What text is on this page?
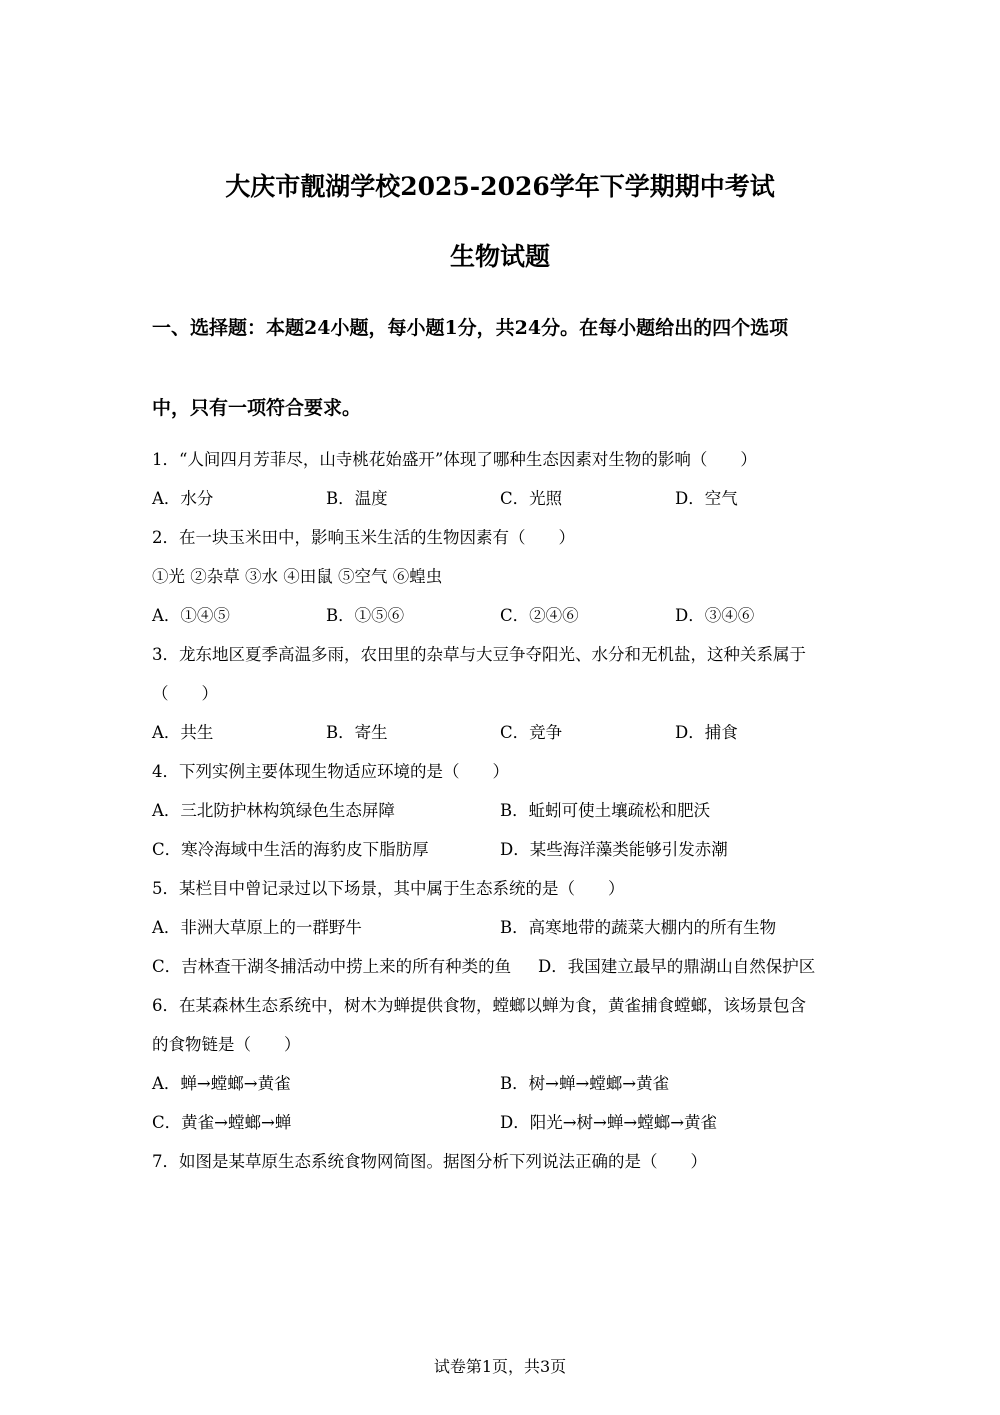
大庆市靓湖学校2025-2026学年下学期期中考试
生物试题
一、选择题：本题24小题，每小题1分，共24分。在每小题给出的四个选项
中，只有一项符合要求。
1．“人间四月芳菲尽，山寺桃花始盛开”体现了哪种生态因素对生物的影响（　　）
A．水分	B．温度	C．光照	D．空气
2．在一块玉米田中，影响玉米生活的生物因素有（　　）
①光 ②杂草 ③水 ④田鼠 ⑤空气 ⑥蝗虫
A．①④⑤	B．①⑤⑥	C．②④⑥	D．③④⑥
3．龙东地区夏季高温多雨，农田里的杂草与大豆争夺阳光、水分和无机盐，这种关系属于
（　　）
A．共生	B．寄生	C．竞争	D．捕食
4．下列实例主要体现生物适应环境的是（　　）
A．三北防护林构筑绿色生态屏障	B．蚯蚓可使土壤疏松和肥沃
C．寒冷海域中生活的海豹皮下脂肪厚	D．某些海洋藻类能够引发赤潮
5．某栏目中曾记录过以下场景，其中属于生态系统的是（　　）
A．非洲大草原上的一群野牛	B．高寒地带的蔬菜大棚内的所有生物
C．吉林查干湖冬捕活动中捞上来的所有种类的鱼 D．我国建立最早的鼎湖山自然保护区
6．在某森林生态系统中，树木为蝉提供食物，螳螂以蝉为食，黄雀捕食螳螂，该场景包含
的食物链是（　　）
A．蝉→螳螂→黄雀	B．树→蝉→螳螂→黄雀
C．黄雀→螳螂→蝉	D．阳光→树→蝉→螳螂→黄雀
7．如图是某草原生态系统食物网简图。据图分析下列说法正确的是（　　）
试卷第1页，共3页
